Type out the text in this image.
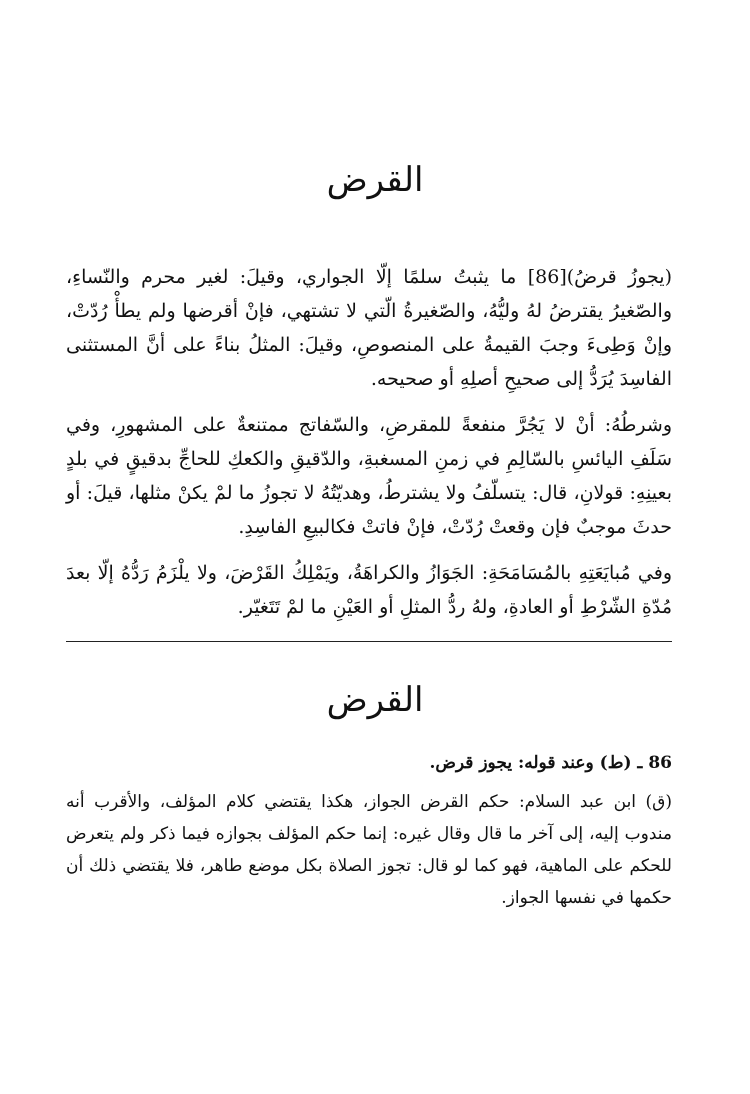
القرض

(يجوزُ قرضُ)[86] ما يثبتُ سلمًا إلّا الجواري، وقيلَ: لغير محرم والنّساءِ، والصّغيرُ يقترضُ لهُ وليُّهُ، والصّغيرةُ الّتي لا تشتهي، فإنْ أقرضها ولم يطأْ رُدّتْ، وإنْ وَطِىءَ وجبَ القيمةُ على المنصوصِ، وقيلَ: المثلُ بناءً على أنَّ المستثنى الفاسِدَ يُرَدُّ إلى صحيحِ أصلِهِ أو صحيحه.

وشرطُهُ: أنْ لا يَجُرَّ منفعةً للمقرضِ، والسّفاتج ممتنعةٌ على المشهورِ، وفي سَلَفِ اليائسِ بالسّالِمِ في زمنِ المسغبةِ، والدّقيقِ والكعكِ للحاجِّ بدقيقٍ في بلدٍ بعينِهِ: قولانِ، قال: يتسلّفُ ولا يشترطُ، وهديّتُهُ لا تجوزُ ما لمْ يكنْ مثلها، قيلَ: أو حدثَ موجبٌ فإن وقعتْ رُدّتْ، فإنْ فاتتْ فكالبيعِ الفاسِدِ.

وفي مُبايَعَتِهِ بالمُسَامَحَةِ: الجَوَازُ والكراهَةُ، ويَمْلِكُ القَرْضَ، ولا يلْزَمُ رَدُّهُ إلّا بعدَ مُدّةِ الشّرْطِ أو العادةِ، ولهُ ردُّ المثلِ أو العَيْنِ ما لمْ تَتَغيّر.

القرض
86 ـ (ط) وعند قوله: يجوز قرض.

(ق) ابن عبد السلام: حكم القرض الجواز، هكذا يقتضي كلام المؤلف، والأقرب أنه مندوب إليه، إلى آخر ما قال وقال غيره: إنما حكم المؤلف بجوازه فيما ذكر ولم يتعرض للحكم على الماهية، فهو كما لو قال: تجوز الصلاة بكل موضع طاهر، فلا يقتضي ذلك أن حكمها في نفسها الجواز.
